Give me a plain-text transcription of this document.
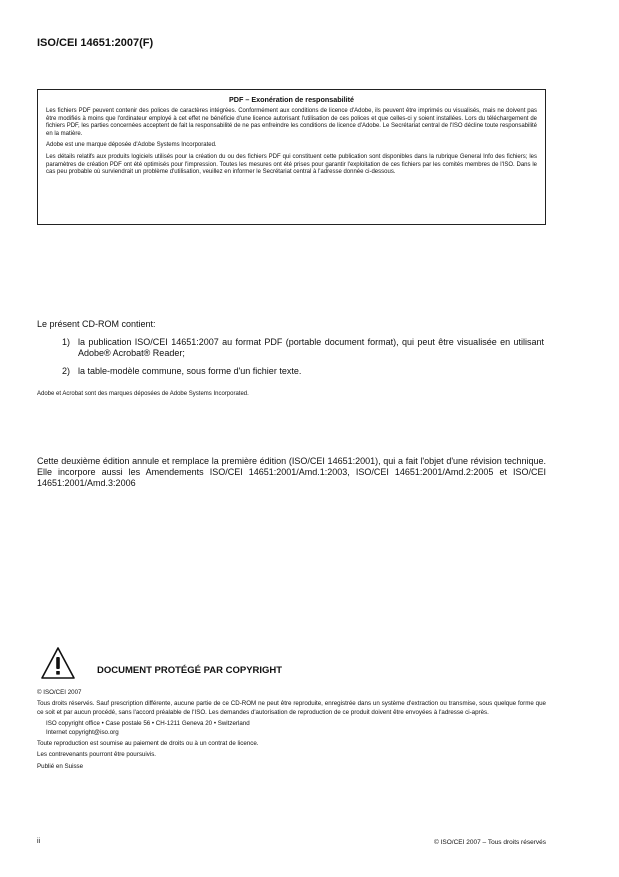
ISO/CEI 14651:2007(F)
PDF – Exonération de responsabilité

Les fichiers PDF peuvent contenir des polices de caractères intégrées. Conformément aux conditions de licence d'Adobe, ils peuvent être imprimés ou visualisés, mais ne doivent pas être modifiés à moins que l'ordinateur employé à cet effet ne bénéficie d'une licence autorisant l'utilisation de ces polices et que celles-ci y soient installées. Lors du téléchargement de fichiers PDF, les parties concernées acceptent de fait la responsabilité de ne pas enfreindre les conditions de licence d'Adobe. Le Secrétariat central de l'ISO décline toute responsabilité en la matière.

Adobe est une marque déposée d'Adobe Systems Incorporated.

Les détails relatifs aux produits logiciels utilisés pour la création du ou des fichiers PDF qui constituent cette publication sont disponibles dans la rubrique General Info des fichiers; les paramètres de création PDF ont été optimisés pour l'impression. Toutes les mesures ont été prises pour garantir l'exploitation de ces fichiers par les comités membres de l'ISO. Dans le cas peu probable où surviendrait un problème d'utilisation, veuillez en informer le Secrétariat central à l'adresse donnée ci-dessous.

Le présent CD-ROM contient:
1) la publication ISO/CEI 14651:2007 au format PDF (portable document format), qui peut être visualisée en utilisant Adobe® Acrobat® Reader;
2) la table-modèle commune, sous forme d'un fichier texte.
Adobe et Acrobat sont des marques déposées de Adobe Systems Incorporated.
Cette deuxième édition annule et remplace la première édition (ISO/CEI 14651:2001), qui a fait l'objet d'une révision technique. Elle incorpore aussi les Amendements ISO/CEI 14651:2001/Amd.1:2003, ISO/CEI 14651:2001/Amd.2:2005 et ISO/CEI 14651:2001/Amd.3:2006
DOCUMENT PROTÉGÉ PAR COPYRIGHT

© ISO/CEI 2007

Tous droits réservés. Sauf prescription différente, aucune partie de ce CD-ROM ne peut être reproduite, enregistrée dans un système d'extraction ou transmise, sous quelque forme que ce soit et par aucun procédé, sans l'accord préalable de l'ISO. Les demandes d'autorisation de reproduction de ce produit doivent être envoyées à l'adresse ci-après.

ISO copyright office • Case postale 56 • CH-1211 Geneva 20 • Switzerland
Internet copyright@iso.org

Toute reproduction est soumise au paiement de droits ou à un contrat de licence.

Les contrevenants pourront être poursuivis.

Publié en Suisse

ii	© ISO/CEI 2007 – Tous droits réservés
